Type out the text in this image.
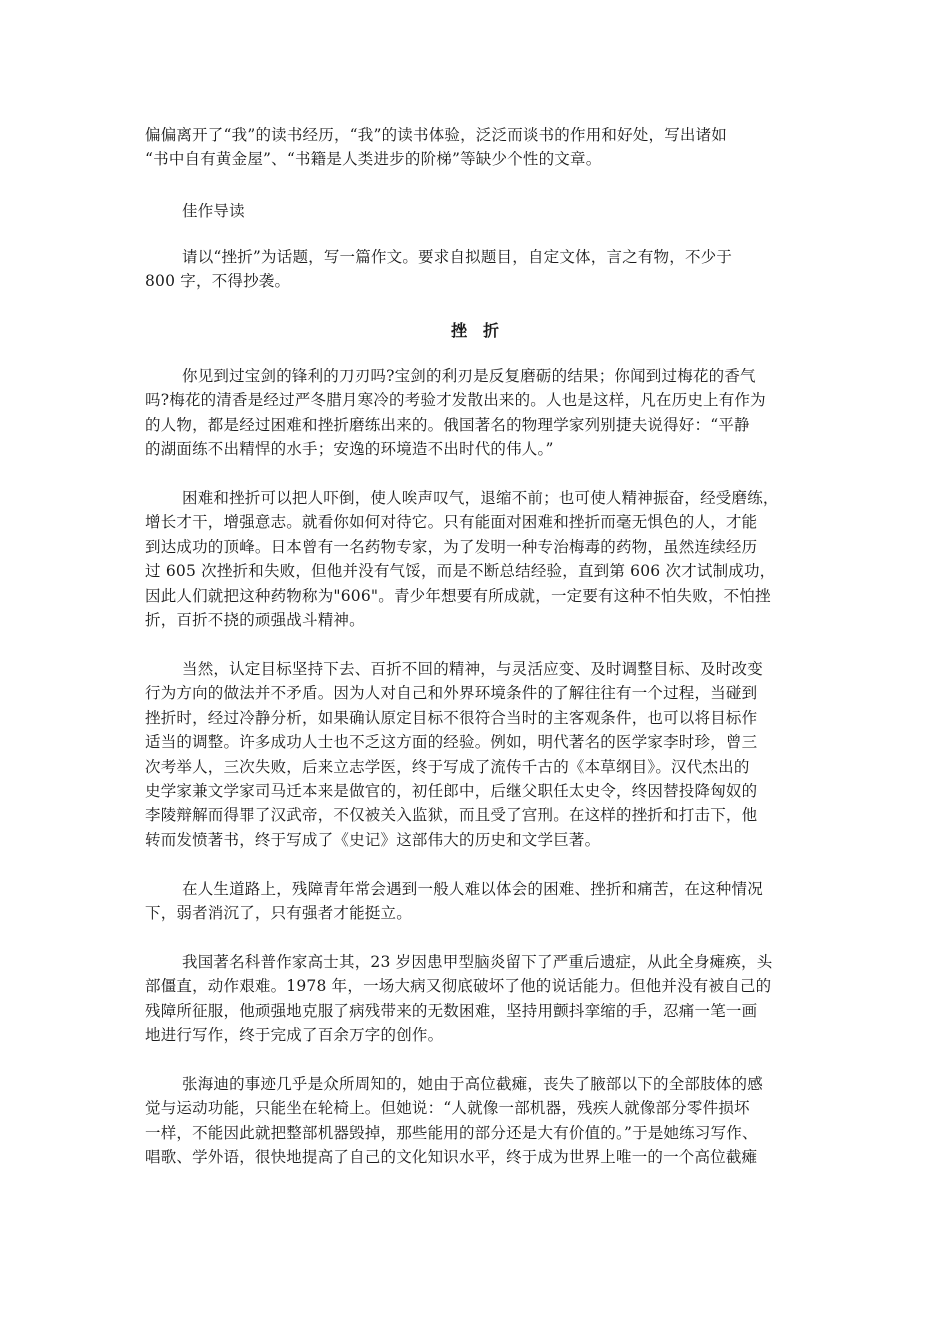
偏偏离开了“我”的读书经历，“我”的读书体验，泛泛而谈书的作用和好处，写出诸如
“书中自有黄金屋”、“书籍是人类进步的阶梯”等缺少个性的文章。
佳作导读
请以“挫折”为话题，写一篇作文。要求自拟题目，自定文体，言之有物，不少于
800 字，不得抄袭。
挫折
你见到过宝剑的锋利的刀刃吗?宝剑的利刃是反复磨砺的结果；你闻到过梅花的香气
吗?梅花的清香是经过严冬腊月寒冷的考验才发散出来的。人也是这样，凡在历史上有作为
的人物，都是经过困难和挫折磨练出来的。俄国著名的物理学家列别捷夫说得好：“平静
的湖面练不出精悍的水手；安逸的环境造不出时代的伟人。”
困难和挫折可以把人吓倒，使人唉声叹气，退缩不前；也可使人精神振奋，经受磨练，
增长才干，增强意志。就看你如何对待它。只有能面对困难和挫折而毫无惧色的人，才能
到达成功的顶峰。日本曾有一名药物专家，为了发明一种专治梅毒的药物，虽然连续经历
过 605 次挫折和失败，但他并没有气馁，而是不断总结经验，直到第 606 次才试制成功，
因此人们就把这种药物称为"606"。青少年想要有所成就，一定要有这种不怕失败，不怕挫
折，百折不挠的顽强战斗精神。
当然，认定目标坚持下去、百折不回的精神，与灵活应变、及时调整目标、及时改变
行为方向的做法并不矛盾。因为人对自己和外界环境条件的了解往往有一个过程，当碰到
挫折时，经过冷静分析，如果确认原定目标不很符合当时的主客观条件，也可以将目标作
适当的调整。许多成功人士也不乏这方面的经验。例如，明代著名的医学家李时珍，曾三
次考举人，三次失败，后来立志学医，终于写成了流传千古的《本草纲目》。汉代杰出的
史学家兼文学家司马迁本来是做官的，初任郎中，后继父职任太史令，终因替投降匈奴的
李陵辩解而得罪了汉武帝，不仅被关入监狱，而且受了宫刑。在这样的挫折和打击下，他
转而发愤著书，终于写成了《史记》这部伟大的历史和文学巨著。
在人生道路上，残障青年常会遇到一般人难以体会的困难、挫折和痛苦，在这种情况
下，弱者消沉了，只有强者才能挺立。
我国著名科普作家高士其，23 岁因患甲型脑炎留下了严重后遗症，从此全身瘫痪，头
部僵直，动作艰难。1978 年，一场大病又彻底破坏了他的说话能力。但他并没有被自己的
残障所征服，他顽强地克服了病残带来的无数困难，坚持用颤抖挛缩的手，忍痛一笔一画
地进行写作，终于完成了百余万字的创作。
张海迪的事迹几乎是众所周知的，她由于高位截瘫，丧失了腋部以下的全部肢体的感
觉与运动功能，只能坐在轮椅上。但她说：“人就像一部机器，残疾人就像部分零件损坏
一样，不能因此就把整部机器毁掉，那些能用的部分还是大有价值的。”于是她练习写作、
唱歌、学外语，很快地提高了自己的文化知识水平，终于成为世界上唯一的一个高位截瘫
